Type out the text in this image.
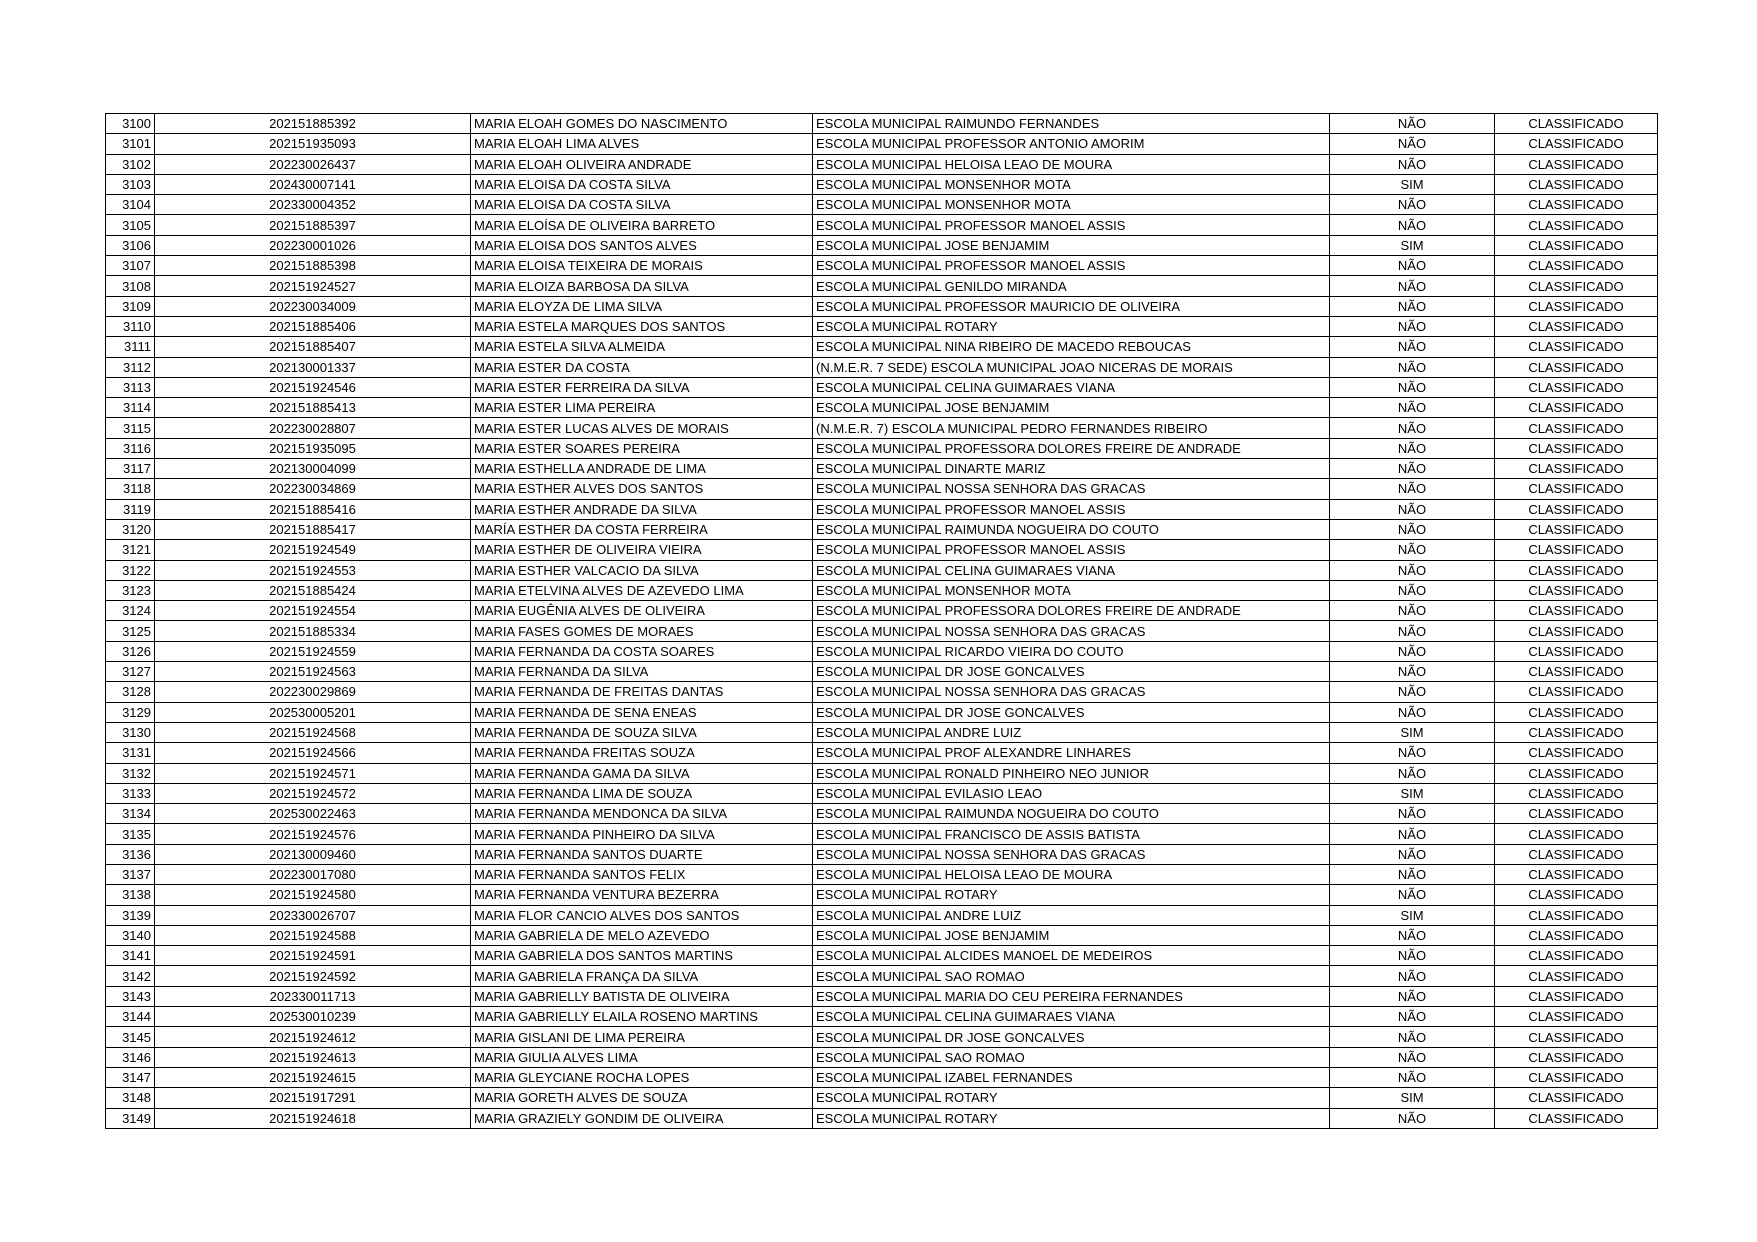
3100	202151885392	MARIA ELOAH GOMES DO NASCIMENTO	ESCOLA MUNICIPAL RAIMUNDO FERNANDES	NÃO	CLASSIFICADO
3101	202151935093	MARIA ELOAH LIMA ALVES	ESCOLA MUNICIPAL PROFESSOR ANTONIO AMORIM	NÃO	CLASSIFICADO
3102	202230026437	MARIA ELOAH OLIVEIRA ANDRADE	ESCOLA MUNICIPAL HELOISA LEAO DE MOURA	NÃO	CLASSIFICADO
3103	202430007141	MARIA ELOISA DA COSTA SILVA	ESCOLA MUNICIPAL MONSENHOR MOTA	SIM	CLASSIFICADO
3104	202330004352	MARIA ELOISA DA COSTA SILVA	ESCOLA MUNICIPAL MONSENHOR MOTA	NÃO	CLASSIFICADO
3105	202151885397	MARIA ELOÍSA DE OLIVEIRA BARRETO	ESCOLA MUNICIPAL PROFESSOR MANOEL ASSIS	NÃO	CLASSIFICADO
3106	202230001026	MARIA ELOISA DOS SANTOS ALVES	ESCOLA MUNICIPAL JOSE BENJAMIM	SIM	CLASSIFICADO
3107	202151885398	MARIA ELOISA TEIXEIRA DE MORAIS	ESCOLA MUNICIPAL PROFESSOR MANOEL ASSIS	NÃO	CLASSIFICADO
3108	202151924527	MARIA ELOIZA BARBOSA DA SILVA	ESCOLA MUNICIPAL GENILDO MIRANDA	NÃO	CLASSIFICADO
3109	202230034009	MARIA ELOYZA DE LIMA SILVA	ESCOLA MUNICIPAL PROFESSOR MAURICIO DE OLIVEIRA	NÃO	CLASSIFICADO
3110	202151885406	MARIA ESTELA MARQUES DOS SANTOS	ESCOLA MUNICIPAL ROTARY	NÃO	CLASSIFICADO
3111	202151885407	MARIA ESTELA SILVA ALMEIDA	ESCOLA MUNICIPAL NINA RIBEIRO DE MACEDO REBOUCAS	NÃO	CLASSIFICADO
3112	202130001337	MARIA ESTER DA COSTA	(N.M.E.R. 7 SEDE) ESCOLA MUNICIPAL JOAO NICERAS DE MORAIS	NÃO	CLASSIFICADO
3113	202151924546	MARIA ESTER FERREIRA DA SILVA	ESCOLA MUNICIPAL CELINA GUIMARAES VIANA	NÃO	CLASSIFICADO
3114	202151885413	MARIA ESTER LIMA PEREIRA	ESCOLA MUNICIPAL JOSE BENJAMIM	NÃO	CLASSIFICADO
3115	202230028807	MARIA ESTER LUCAS ALVES DE MORAIS	(N.M.E.R. 7) ESCOLA MUNICIPAL PEDRO FERNANDES RIBEIRO	NÃO	CLASSIFICADO
3116	202151935095	MARIA ESTER SOARES PEREIRA	ESCOLA MUNICIPAL PROFESSORA DOLORES FREIRE DE ANDRADE	NÃO	CLASSIFICADO
3117	202130004099	MARIA ESTHELLA ANDRADE DE LIMA	ESCOLA MUNICIPAL DINARTE MARIZ	NÃO	CLASSIFICADO
3118	202230034869	MARIA ESTHER ALVES DOS SANTOS	ESCOLA MUNICIPAL NOSSA SENHORA DAS GRACAS	NÃO	CLASSIFICADO
3119	202151885416	MARIA ESTHER ANDRADE DA SILVA	ESCOLA MUNICIPAL PROFESSOR MANOEL ASSIS	NÃO	CLASSIFICADO
3120	202151885417	MARÍA ESTHER DA COSTA FERREIRA	ESCOLA MUNICIPAL RAIMUNDA NOGUEIRA DO COUTO	NÃO	CLASSIFICADO
3121	202151924549	MARIA ESTHER DE OLIVEIRA VIEIRA	ESCOLA MUNICIPAL PROFESSOR MANOEL ASSIS	NÃO	CLASSIFICADO
3122	202151924553	MARIA ESTHER VALCACIO DA SILVA	ESCOLA MUNICIPAL CELINA GUIMARAES VIANA	NÃO	CLASSIFICADO
3123	202151885424	MARIA ETELVINA ALVES DE AZEVEDO LIMA	ESCOLA MUNICIPAL MONSENHOR MOTA	NÃO	CLASSIFICADO
3124	202151924554	MARIA EUGÊNIA ALVES DE OLIVEIRA	ESCOLA MUNICIPAL PROFESSORA DOLORES FREIRE DE ANDRADE	NÃO	CLASSIFICADO
3125	202151885334	MARIA FASES GOMES DE MORAES	ESCOLA MUNICIPAL NOSSA SENHORA DAS GRACAS	NÃO	CLASSIFICADO
3126	202151924559	MARIA FERNANDA DA COSTA SOARES	ESCOLA MUNICIPAL RICARDO VIEIRA DO COUTO	NÃO	CLASSIFICADO
3127	202151924563	MARIA FERNANDA DA SILVA	ESCOLA MUNICIPAL DR JOSE GONCALVES	NÃO	CLASSIFICADO
3128	202230029869	MARIA FERNANDA DE FREITAS DANTAS	ESCOLA MUNICIPAL NOSSA SENHORA DAS GRACAS	NÃO	CLASSIFICADO
3129	202530005201	MARIA FERNANDA DE SENA ENEAS	ESCOLA MUNICIPAL DR JOSE GONCALVES	NÃO	CLASSIFICADO
3130	202151924568	MARIA FERNANDA DE SOUZA SILVA	ESCOLA MUNICIPAL ANDRE LUIZ	SIM	CLASSIFICADO
3131	202151924566	MARIA FERNANDA FREITAS SOUZA	ESCOLA MUNICIPAL PROF ALEXANDRE LINHARES	NÃO	CLASSIFICADO
3132	202151924571	MARIA FERNANDA GAMA DA SILVA	ESCOLA MUNICIPAL RONALD PINHEIRO NEO JUNIOR	NÃO	CLASSIFICADO
3133	202151924572	MARIA FERNANDA LIMA DE SOUZA	ESCOLA MUNICIPAL EVILASIO LEAO	SIM	CLASSIFICADO
3134	202530022463	MARIA FERNANDA MENDONCA DA SILVA	ESCOLA MUNICIPAL RAIMUNDA NOGUEIRA DO COUTO	NÃO	CLASSIFICADO
3135	202151924576	MARIA FERNANDA PINHEIRO DA SILVA	ESCOLA MUNICIPAL FRANCISCO DE ASSIS BATISTA	NÃO	CLASSIFICADO
3136	202130009460	MARIA FERNANDA SANTOS DUARTE	ESCOLA MUNICIPAL NOSSA SENHORA DAS GRACAS	NÃO	CLASSIFICADO
3137	202230017080	MARIA FERNANDA SANTOS FELIX	ESCOLA MUNICIPAL HELOISA LEAO DE MOURA	NÃO	CLASSIFICADO
3138	202151924580	MARIA FERNANDA VENTURA BEZERRA	ESCOLA MUNICIPAL ROTARY	NÃO	CLASSIFICADO
3139	202330026707	MARIA FLOR CANCIO ALVES DOS SANTOS	ESCOLA MUNICIPAL ANDRE LUIZ	SIM	CLASSIFICADO
3140	202151924588	MARIA GABRIELA DE MELO AZEVEDO	ESCOLA MUNICIPAL JOSE BENJAMIM	NÃO	CLASSIFICADO
3141	202151924591	MARIA GABRIELA DOS SANTOS MARTINS	ESCOLA MUNICIPAL ALCIDES MANOEL DE MEDEIROS	NÃO	CLASSIFICADO
3142	202151924592	MARIA GABRIELA FRANÇA DA SILVA	ESCOLA MUNICIPAL SAO ROMAO	NÃO	CLASSIFICADO
3143	202330011713	MARIA GABRIELLY BATISTA DE OLIVEIRA	ESCOLA MUNICIPAL MARIA DO CEU PEREIRA FERNANDES	NÃO	CLASSIFICADO
3144	202530010239	MARIA GABRIELLY ELAILA ROSENO MARTINS	ESCOLA MUNICIPAL CELINA GUIMARAES VIANA	NÃO	CLASSIFICADO
3145	202151924612	MARIA GISLANI DE LIMA PEREIRA	ESCOLA MUNICIPAL DR JOSE GONCALVES	NÃO	CLASSIFICADO
3146	202151924613	MARIA GIULIA ALVES LIMA	ESCOLA MUNICIPAL SAO ROMAO	NÃO	CLASSIFICADO
3147	202151924615	MARIA GLEYCIANE ROCHA LOPES	ESCOLA MUNICIPAL IZABEL FERNANDES	NÃO	CLASSIFICADO
3148	202151917291	MARIA GORETH ALVES DE SOUZA	ESCOLA MUNICIPAL ROTARY	SIM	CLASSIFICADO
3149	202151924618	MARIA GRAZIELY GONDIM DE OLIVEIRA	ESCOLA MUNICIPAL ROTARY	NÃO	CLASSIFICADO
